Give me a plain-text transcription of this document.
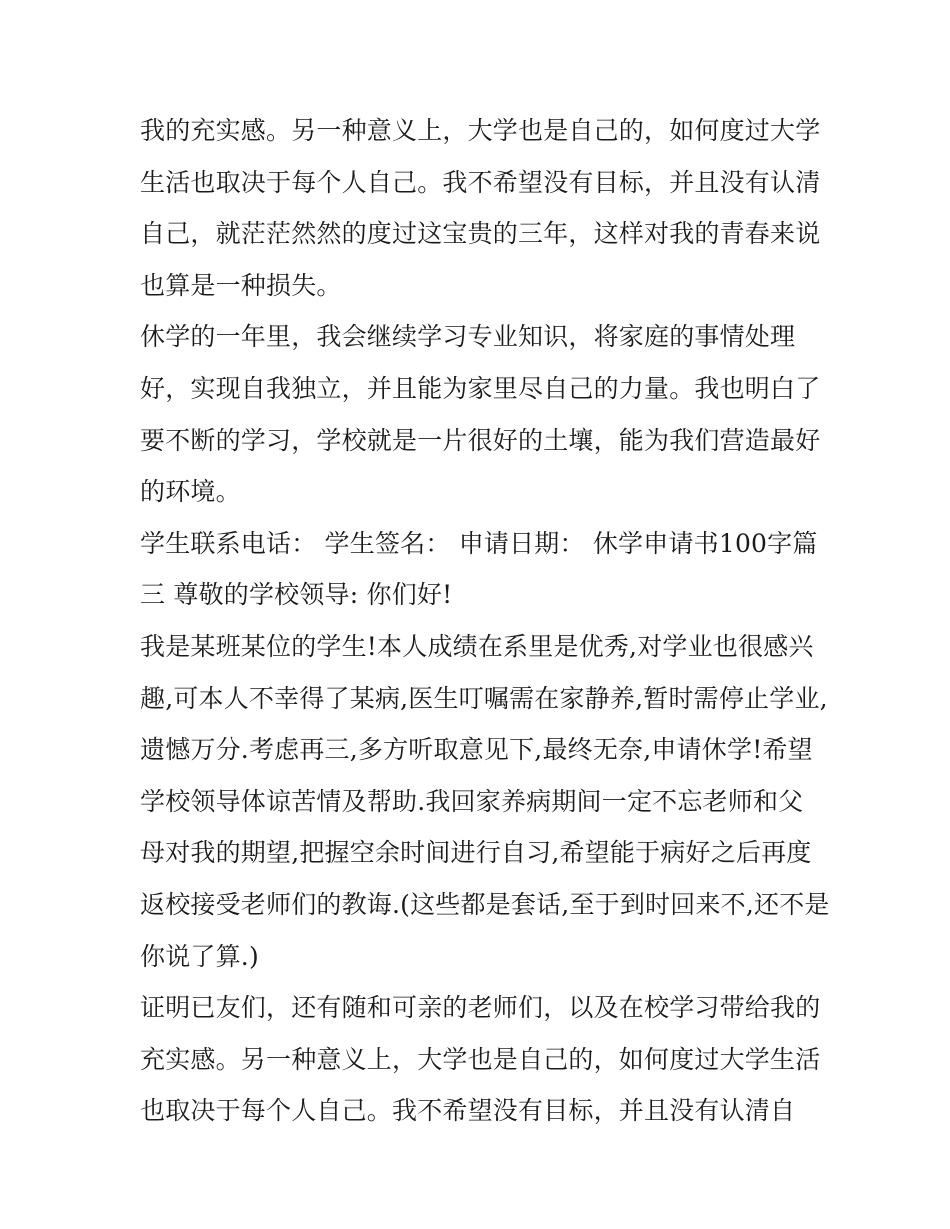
我的充实感。另一种意义上，大学也是自己的，如何度过大学
生活也取决于每个人自己。我不希望没有目标，并且没有认清
自己，就茫茫然然的度过这宝贵的三年，这样对我的青春来说
也算是一种损失。
休学的一年里，我会继续学习专业知识，将家庭的事情处理
好，实现自我独立，并且能为家里尽自己的力量。我也明白了
要不断的学习，学校就是一片很好的土壤，能为我们营造最好
的环境。
学生联系电话： 学生签名： 申请日期： 休学申请书100字篇
三 尊敬的学校领导: 你们好!
我是某班某位的学生!本人成绩在系里是优秀,对学业也很感兴
趣,可本人不幸得了某病,医生叮嘱需在家静养,暂时需停止学业,
遗憾万分.考虑再三,多方听取意见下,最终无奈,申请休学!希望
学校领导体谅苦情及帮助.我回家养病期间一定不忘老师和父
母对我的期望,把握空余时间进行自习,希望能于病好之后再度
返校接受老师们的教诲.(这些都是套话,至于到时回来不,还不是
你说了算.)
证明已友们，还有随和可亲的老师们，以及在校学习带给我的
充实感。另一种意义上，大学也是自己的，如何度过大学生活
也取决于每个人自己。我不希望没有目标，并且没有认清自
